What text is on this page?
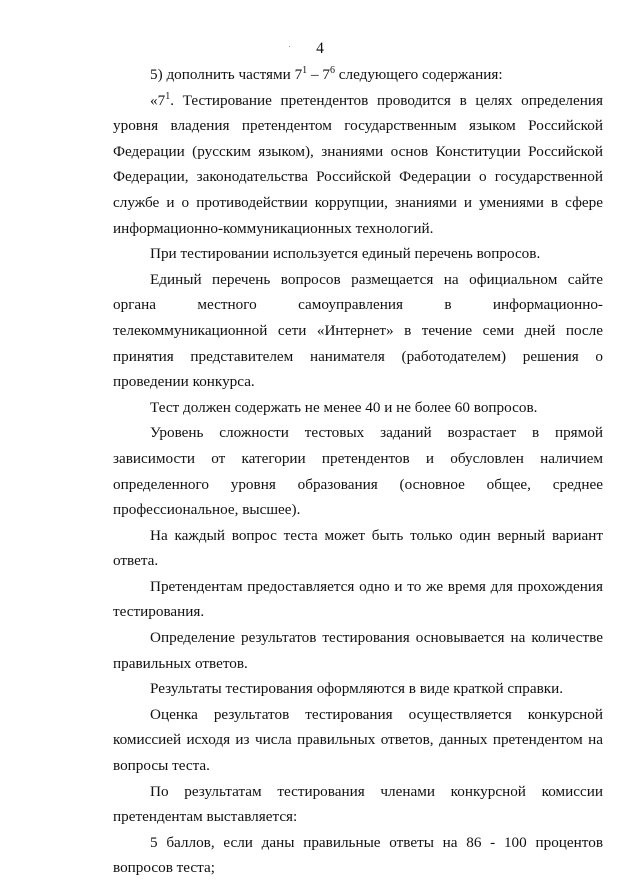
4

5) дополнить частями $7^1 - 7^6$ следующего содержания:

«$7^1$. Тестирование претендентов проводится в целях определения уровня владения претендентом государственным языком Российской Федерации (русским языком), знаниями основ Конституции Российской Федерации, законодательства Российской Федерации о государственной службе и о противодействии коррупции, знаниями и умениями в сфере информационно-коммуникационных технологий.

При тестировании используется единый перечень вопросов.

Единый перечень вопросов размещается на официальном сайте органа местного самоуправления в информационно-телекоммуникационной сети «Интернет» в течение семи дней после принятия представителем нанимателя (работодателем) решения о проведении конкурса.

Тест должен содержать не менее 40 и не более 60 вопросов.

Уровень сложности тестовых заданий возрастает в прямой зависимости от категории претендентов и обусловлен наличием определенного уровня образования (основное общее, среднее профессиональное, высшее).

На каждый вопрос теста может быть только один верный вариант ответа.

Претендентам предоставляется одно и то же время для прохождения тестирования.

Определение результатов тестирования основывается на количестве правильных ответов.

Результаты тестирования оформляются в виде краткой справки.

Оценка результатов тестирования осуществляется конкурсной комиссией исходя из числа правильных ответов, данных претендентом на вопросы теста.

По результатам тестирования членами конкурсной комиссии претендентам выставляется:

5 баллов, если даны правильные ответы на 86 - 100 процентов вопросов теста;
